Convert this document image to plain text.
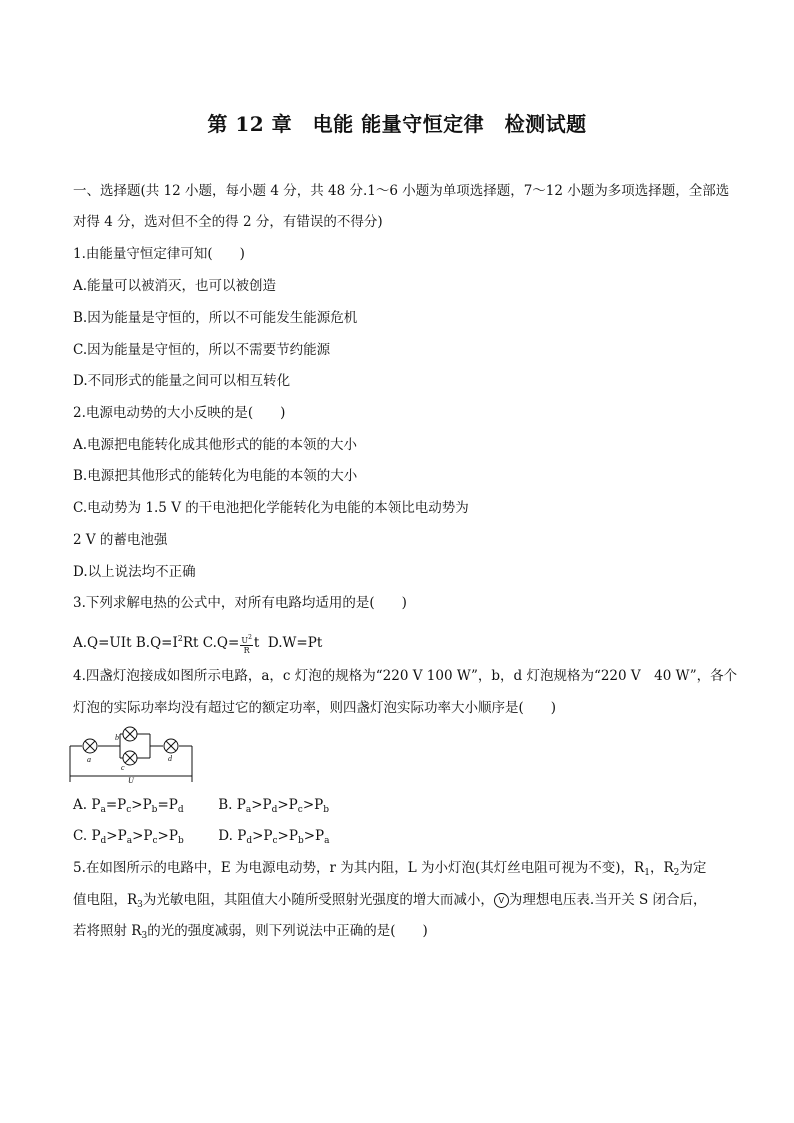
第 12 章　电能 能量守恒定律　检测试题
一、选择题(共 12 小题，每小题 4 分，共 48 分.1～6 小题为单项选择题，7～12 小题为多项选择题，全部选
对得 4 分，选对但不全的得 2 分，有错误的不得分)
1.由能量守恒定律可知(　　)
A.能量可以被消灭，也可以被创造
B.因为能量是守恒的，所以不可能发生能源危机
C.因为能量是守恒的，所以不需要节约能源
D.不同形式的能量之间可以相互转化
2.电源电动势的大小反映的是(　　)
A.电源把电能转化成其他形式的能的本领的大小
B.电源把其他形式的能转化为电能的本领的大小
C.电动势为 1.5 V 的干电池把化学能转化为电能的本领比电动势为
2 V 的蓄电池强
D.以上说法均不正确
3.下列求解电热的公式中，对所有电路均适用的是(　　)
A.Q=UIt $B.Q=I^2Rt$ $C.Q= \frac{U^2}{R}$ t D.W=Pt
4.四盏灯泡接成如图所示电路，a，c 灯泡的规格为“220 V 100 W”，b，d 灯泡规格为“220 V　40 W”，各个
灯泡的实际功率均没有超过它的额定功率，则四盏灯泡实际功率大小顺序是(　　)
a
b
c
d
U
A. $P_a=P_c>P_b=P_d$	B. $P_a>P_d>P_c>P_b$
C. $P_d>P_a>P_c>P_b$	D. $P_d>P_c>P_b>P_a$
5.在如图所示的电路中，E 为电源电动势，r 为其内阻，L 为小灯泡(其灯丝电阻可视为不变)，$R_1$，$R_2$为定
值电阻，$R_3$为光敏电阻，其阻值大小随所受照射光强度的增大而减小， V 为理想电压表.当开关 S 闭合后，
若将照射 $R_3$的光的强度减弱，则下列说法中正确的是(　　)
